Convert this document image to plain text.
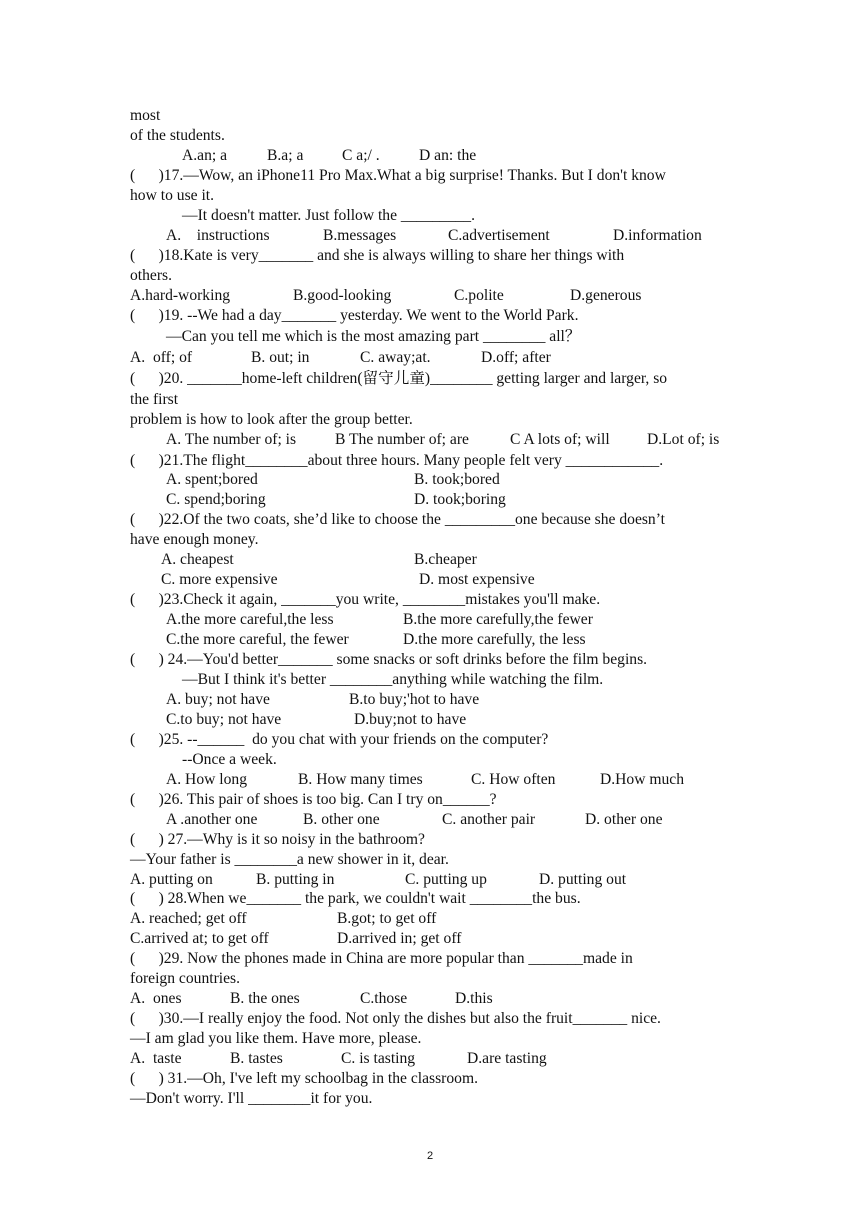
2
most
of the students.
A.an; a	B.a; a C a;/ .	D an: the
(      )17.—Wow, an iPhone11 Pro Max.What a big surprise! Thanks. But I don't know
how to use it.
—It doesn't matter. Just follow the _________.
A.    instructions	B.messages	C.advertisement	D.information
(      )18.Kate is very_______ and she is always willing to share her things with
others.
A.hard-working	B.good-looking	C.polite	D.generous
(      )19. --We had a day_______ yesterday. We went to the World Park.
—Can you tell me which is the most amazing part ________ all？
A.  off; of	B. out; in	C. away;at.	D.off; after
(      )20. _______home-left children(留守儿童)________ getting larger and larger, so
the first
problem is how to look after the group better.
A. The number of; is B The number of; are	C A lots of; will D.Lot of; is
(      )21.The flight________about three hours. Many people felt very ____________.
A. spent;bored	B. took;bored
C. spend;boring	D. took;boring
(      )22.Of the two coats, she’d like to choose the _________one because she doesn’t
have enough money.
A. cheapest	B.cheaper
C. more expensive	D. most expensive
(      )23.Check it again, _______you write, ________mistakes you'll make.
A.the more careful,the less	B.the more carefully,the fewer
C.the more careful, the fewer	D.the more carefully, the less
(      ) 24.—You'd better_______ some snacks or soft drinks before the film begins.
—But I think it's better ________anything while watching the film.
A. buy; not have	B.to buy;'hot to have
C.to buy; not have	D.buy;not to have
(      )25. --______  do you chat with your friends on the computer?
--Once a week.
A. How long	B. How many times	C. How often	D.How much
(      )26. This pair of shoes is too big. Can I try on______?
A .another one	B. other one	C. another pair	D. other one
(      ) 27.—Why is it so noisy in the bathroom?
—Your father is ________a new shower in it, dear.
A. putting on	B. putting in	C. putting up	D. putting out
(      ) 28.When we_______ the park, we couldn't wait ________the bus.
A. reached; get off	B.got; to get off
C.arrived at; to get off	D.arrived in; get off
(      )29. Now the phones made in China are more popular than _______made in
foreign countries.
A.  ones	B. the ones	C.those	D.this
(      )30.—I really enjoy the food. Not only the dishes but also the fruit_______ nice.
—I am glad you like them. Have more, please.
A.  taste	B. tastes	C. is tasting	D.are tasting
(      ) 31.—Oh, I've left my schoolbag in the classroom.
—Don't worry. I'll ________it for you.
